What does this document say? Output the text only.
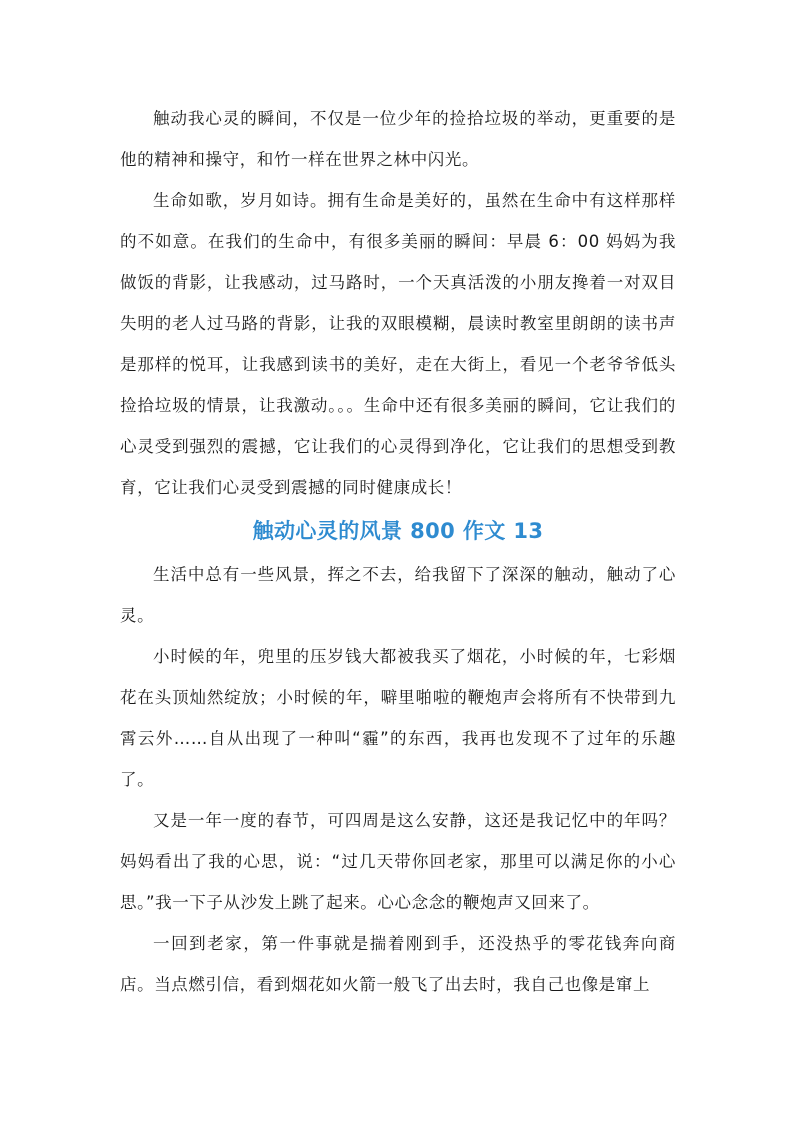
触动我心灵的瞬间，不仅是一位少年的捡拾垃圾的举动，更重要的是他的精神和操守，和竹一样在世界之林中闪光。

生命如歌，岁月如诗。拥有生命是美好的，虽然在生命中有这样那样的不如意。在我们的生命中，有很多美丽的瞬间：早晨 6：00 妈妈为我做饭的背影，让我感动，过马路时，一个天真活泼的小朋友搀着一对双目失明的老人过马路的背影，让我的双眼模糊，晨读时教室里朗朗的读书声是那样的悦耳，让我感到读书的美好，走在大街上，看见一个老爷爷低头捡拾垃圾的情景，让我激动。。。生命中还有很多美丽的瞬间，它让我们的心灵受到强烈的震撼，它让我们的心灵得到净化，它让我们的思想受到教育，它让我们心灵受到震撼的同时健康成长！

触动心灵的风景 800 作文 13

生活中总有一些风景，挥之不去，给我留下了深深的触动，触动了心灵。

小时候的年，兜里的压岁钱大都被我买了烟花，小时候的年，七彩烟花在头顶灿然绽放；小时候的年，噼里啪啦的鞭炮声会将所有不快带到九霄云外……自从出现了一种叫“霾”的东西，我再也发现不了过年的乐趣了。

又是一年一度的春节，可四周是这么安静，这还是我记忆中的年吗？妈妈看出了我的心思，说：“过几天带你回老家，那里可以满足你的小心思。”我一下子从沙发上跳了起来。心心念念的鞭炮声又回来了。

一回到老家，第一件事就是揣着刚到手，还没热乎的零花钱奔向商店。当点燃引信，看到烟花如火箭一般飞了出去时，我自己也像是窜上
